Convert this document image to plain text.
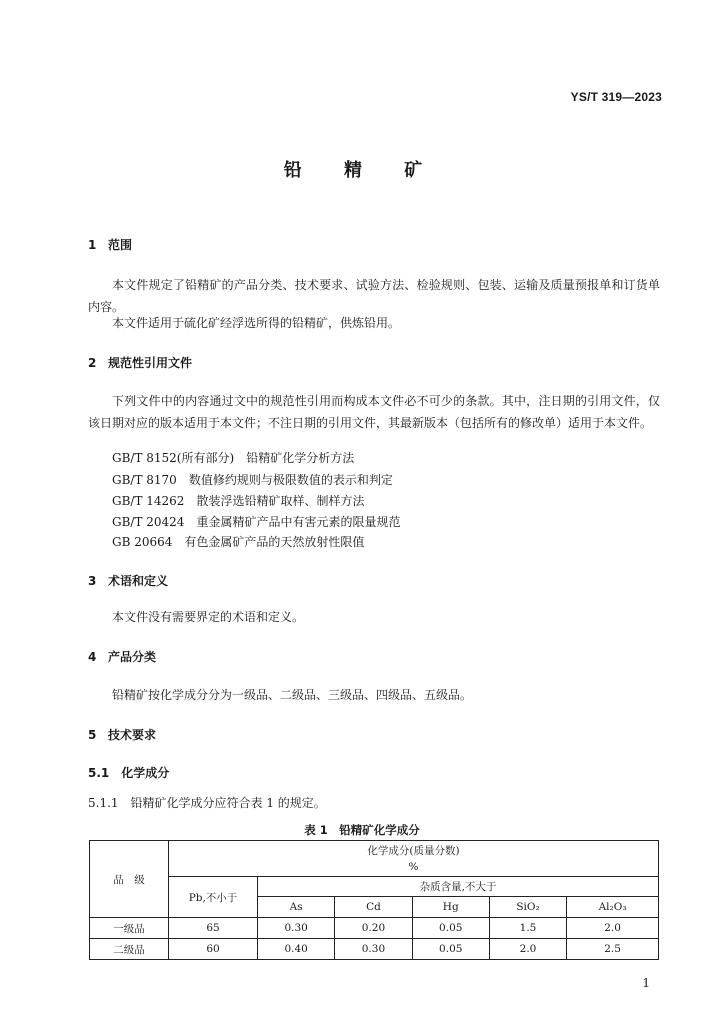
YS/T 319—2023
铅 精 矿
1 范围
本文件规定了铅精矿的产品分类、技术要求、试验方法、检验规则、包装、运输及质量预报单和订货单内容。
本文件适用于硫化矿经浮选所得的铅精矿，供炼铅用。
2 规范性引用文件
下列文件中的内容通过文中的规范性引用而构成本文件必不可少的条款。其中，注日期的引用文件，仅该日期对应的版本适用于本文件；不注日期的引用文件，其最新版本（包括所有的修改单）适用于本文件。
GB/T 8152(所有部分)　 铅精矿化学分析方法
GB/T 8170　 数值修约规则与极限数值的表示和判定
GB/T 14262　 散装浮选铅精矿取样、制样方法
GB/T 20424　 重金属精矿产品中有害元素的限量规范
GB 20664　 有色金属矿产品的天然放射性限值
3 术语和定义
本文件没有需要界定的术语和定义。
4 产品分类
铅精矿按化学成分分为一级品、二级品、三级品、四级品、五级品。
5 技术要求
5.1　化学成分
5.1.1　铅精矿化学成分应符合表 1 的规定。
表 1　铅精矿化学成分
品　级	化学成分(质量分数)
%					

	Pb,不小于	杂质含量,不大于				
		As	Cd	Hg	SiO₂	Al₂O₃
一级品	65	0.30	0.20	0.05	1.5	2.0
二级品	60	0.40	0.30	0.05	2.0	2.5
1
